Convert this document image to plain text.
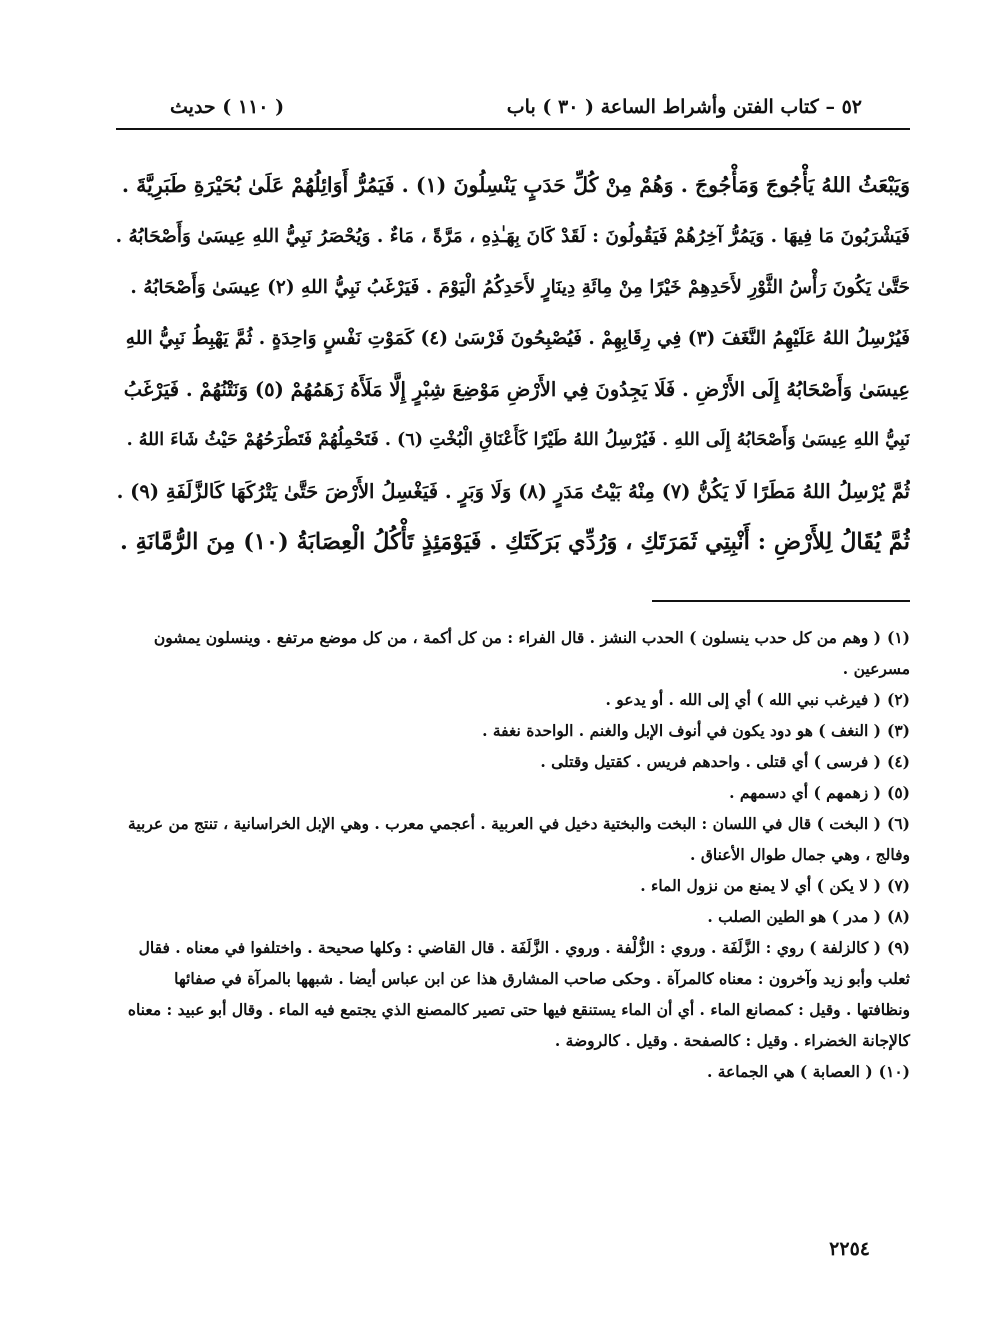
٥٢ – كتاب الفتن وأشراط الساعة ( ٣٠ ) باب
( ١١٠ ) حديث
وَيَبْعَثُ اللهُ يَأْجُوجَ وَمَأْجُوجَ . وَهُمْ مِنْ كُلِّ حَدَبٍ يَنْسِلُونَ (١) . فَيَمُرُّ أَوَائِلُهُمْ عَلَىٰ بُحَيْرَةِ طَبَرِيَّةَ .
فَيَشْرَبُونَ مَا فِيهَا . وَيَمُرُّ آخِرُهُمْ فَيَقُولُونَ : لَقَدْ كَانَ بِهَـٰذِهِ ، مَرَّةً ، مَاءٌ . وَيُحْصَرُ نَبِيُّ اللهِ عِيسَىٰ وَأَصْحَابُهُ .
حَتَّىٰ يَكُونَ رَأْسُ الثَّوْرِ لأَحَدِهِمْ خَيْرًا مِنْ مِائَةِ دِينَارٍ لأَحَدِكُمُ الْيَوْمَ . فَيَرْغَبُ نَبِيُّ اللهِ (٢) عِيسَىٰ وَأَصْحَابُهُ .
فَيُرْسِلُ اللهُ عَلَيْهِمُ النَّغَفَ (٣) فِي رِقَابِهِمْ . فَيُصْبِحُونَ فَرْسَىٰ (٤) كَمَوْتِ نَفْسٍ وَاحِدَةٍ . ثُمَّ يَهْبِطُ نَبِيُّ اللهِ
عِيسَىٰ وَأَصْحَابُهُ إِلَى الأَرْضِ . فَلَا يَجِدُونَ فِي الأَرْضِ مَوْضِعَ شِبْرٍ إِلَّا مَلَأَهُ زَهَمُهُمْ (٥) وَنَتْنُهُمْ . فَيَرْغَبُ
نَبِيُّ اللهِ عِيسَىٰ وَأَصْحَابُهُ إِلَى اللهِ . فَيُرْسِلُ اللهُ طَيْرًا كَأَعْنَاقِ الْبُخْتِ (٦) . فَتَحْمِلُهُمْ فَتَطْرَحُهُمْ حَيْثُ شَاءَ اللهُ .
ثُمَّ يُرْسِلُ اللهُ مَطَرًا لَا يَكُنُّ (٧) مِنْهُ بَيْتُ مَدَرٍ (٨) وَلَا وَبَرٍ . فَيَغْسِلُ الأَرْضَ حَتَّىٰ يَتْرُكَهَا كَالزَّلَفَةِ (٩) .
ثُمَّ يُقَالُ لِلأَرْضِ : أَنْبِتِي ثَمَرَتَكِ ، وَرُدِّي بَرَكَتَكِ . فَيَوْمَئِذٍ تَأْكُلُ الْعِصَابَةُ (١٠) مِنَ الرُّمَّانَةِ .

(١)( وهم من كل حدب ينسلون ) الحدب النشز . قال الفراء : من كل أكمة ، من كل موضع مرتفع . وينسلون يمشون مسرعين .

(٢)( فيرغب نبي الله ) أي إلى الله . أو يدعو .

(٣)( النغف ) هو دود يكون في أنوف الإبل والغنم . الواحدة نغفة .

(٤)( فرسى ) أي قتلى . واحدهم فريس . كقتيل وقتلى .

(٥)( زهمهم ) أي دسمهم .

(٦)( البخت ) قال في اللسان : البخت والبختية دخيل في العربية . أعجمي معرب . وهي الإبل الخراسانية ، تنتج من عربية وفالج ، وهي جمال طوال الأعناق .

(٧)( لا يكن ) أي لا يمنع من نزول الماء .

(٨)( مدر ) هو الطين الصلب .

(٩)( كالزلفة ) روي : الزَّلَفَة . وروي : الزُّلْفة . وروي . الزَّلَفَة . قال القاضي : وكلها صحيحة . واختلفوا في معناه . فقال ثعلب وأبو زيد وآخرون : معناه كالمرآة . وحكى صاحب المشارق هذا عن ابن عباس أيضا . شبهها بالمرآة في صفائها ونظافتها . وقيل : كمصانع الماء . أي أن الماء يستنقع فيها حتى تصير كالمصنع الذي يجتمع فيه الماء . وقال أبو عبيد : معناه كالإجانة الخضراء . وقيل : كالصفحة . وقيل . كالروضة .

(١٠)( العصابة ) هي الجماعة .

٢٢٥٤
